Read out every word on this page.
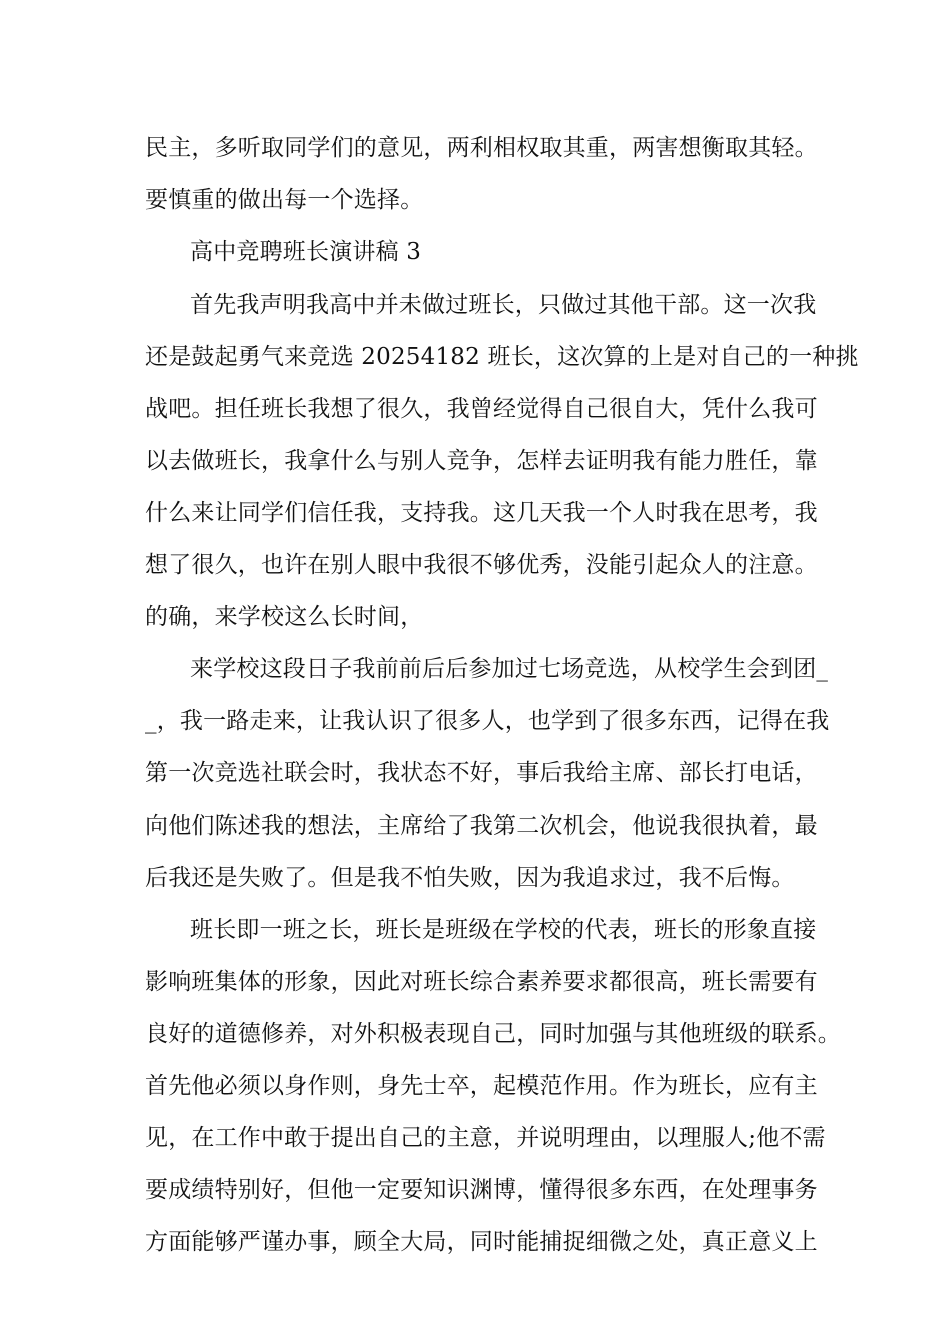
民主，多听取同学们的意见，两利相权取其重，两害想衡取其轻。
要慎重的做出每一个选择。
高中竞聘班长演讲稿 3
首先我声明我高中并未做过班长，只做过其他干部。这一次我
还是鼓起勇气来竞选 20254182 班长，这次算的上是对自己的一种挑
战吧。担任班长我想了很久，我曾经觉得自己很自大，凭什么我可
以去做班长，我拿什么与别人竞争，怎样去证明我有能力胜任，靠
什么来让同学们信任我，支持我。这几天我一个人时我在思考，我
想了很久，也许在别人眼中我很不够优秀，没能引起众人的注意。
的确，来学校这么长时间，
来学校这段日子我前前后后参加过七场竞选，从校学生会到团_
_，我一路走来，让我认识了很多人，也学到了很多东西，记得在我
第一次竞选社联会时，我状态不好，事后我给主席、部长打电话，
向他们陈述我的想法，主席给了我第二次机会，他说我很执着，最
后我还是失败了。但是我不怕失败，因为我追求过，我不后悔。
班长即一班之长，班长是班级在学校的代表，班长的形象直接
影响班集体的形象，因此对班长综合素养要求都很高，班长需要有
良好的道德修养，对外积极表现自己，同时加强与其他班级的联系。
首先他必须以身作则，身先士卒，起模范作用。作为班长，应有主
见，在工作中敢于提出自己的主意，并说明理由，以理服人;他不需
要成绩特别好，但他一定要知识渊博，懂得很多东西，在处理事务
方面能够严谨办事，顾全大局，同时能捕捉细微之处，真正意义上
